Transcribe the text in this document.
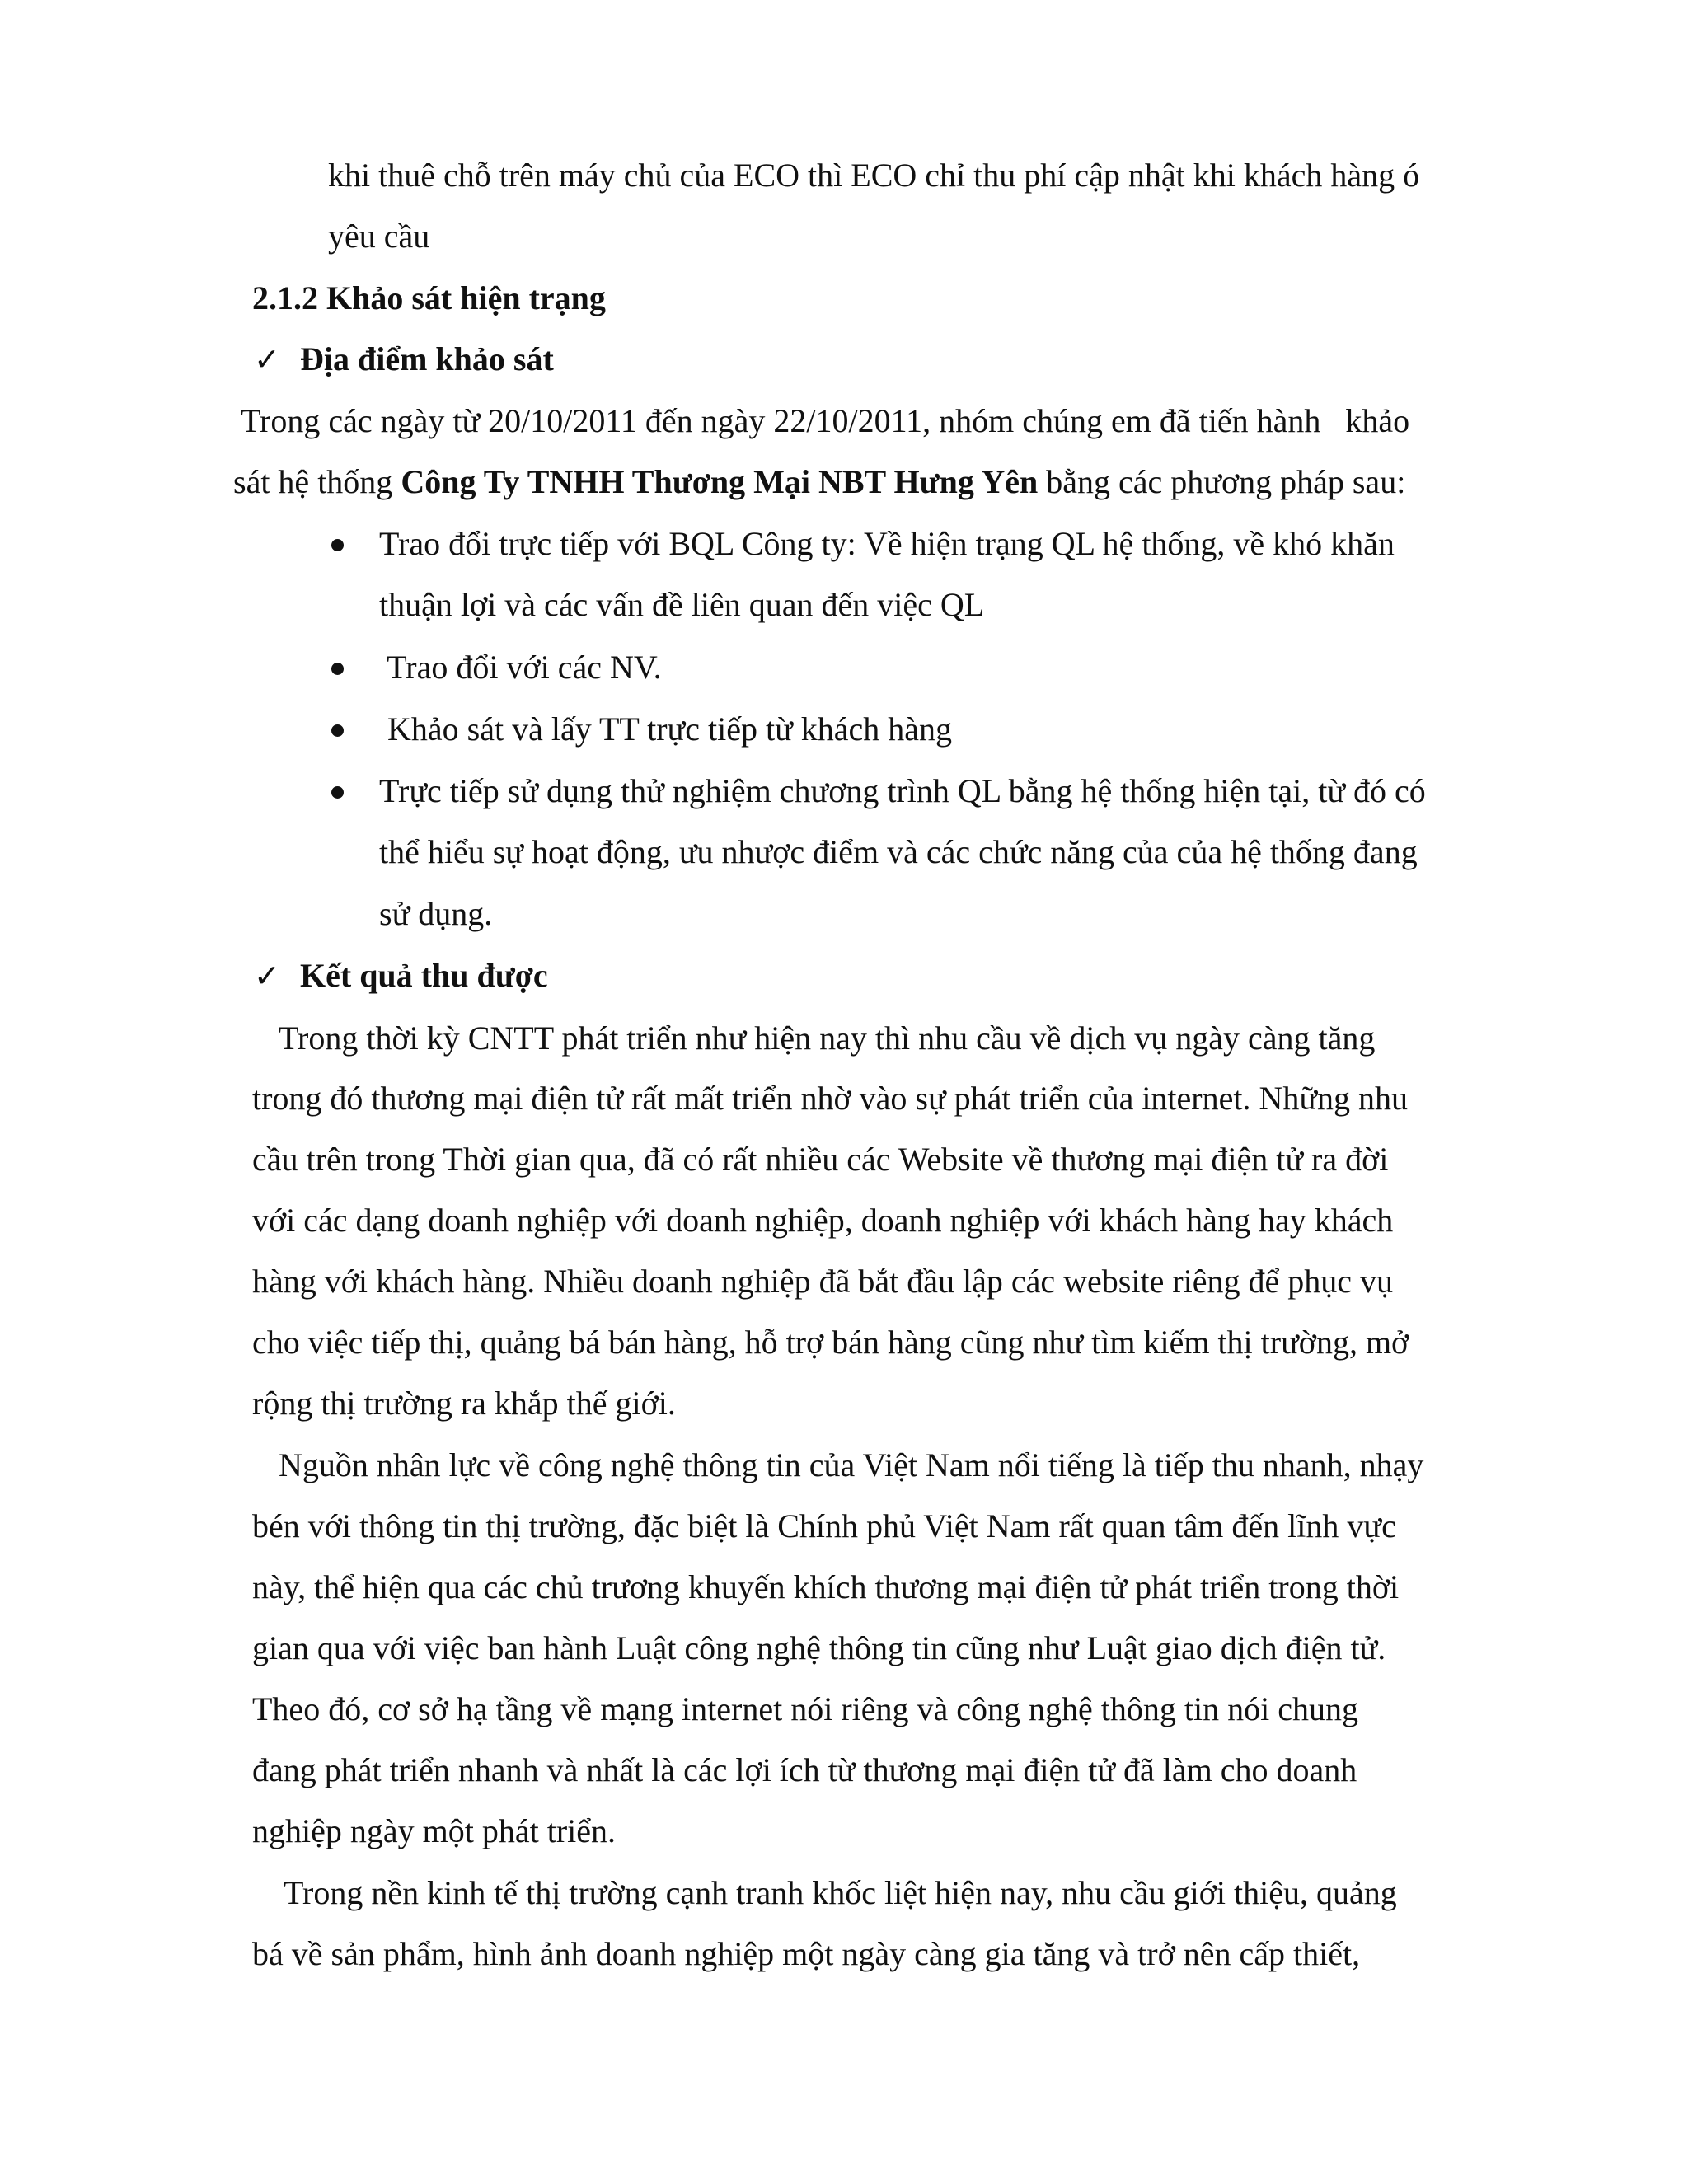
khi thuê chỗ trên máy chủ của ECO thì ECO chỉ thu phí cập nhật khi khách hàng ó
yêu cầu
2.1.2 Khảo sát hiện trạng
✓ Địa điểm khảo sát
Trong các ngày từ 20/10/2011 đến ngày 22/10/2011, nhóm chúng em đã tiến hành   khảo
sát hệ thống Công Ty TNHH Thương Mại NBT Hưng Yên bằng các phương pháp sau:
Trao đổi trực tiếp với BQL Công ty: Về hiện trạng QL hệ thống, về khó khăn
thuận lợi và các vấn đề liên quan đến việc QL
Trao đổi với các NV.
Khảo sát và lấy TT trực tiếp từ khách hàng
Trực tiếp sử dụng thử nghiệm chương trình QL bằng hệ thống hiện tại, từ đó có
thể hiểu sự hoạt động, ưu nhược điểm và các chức năng của của hệ thống đang
sử dụng.
✓ Kết quả thu được
Trong thời kỳ CNTT phát triển như hiện nay thì nhu cầu về dịch vụ ngày càng tăng
trong đó thương mại điện tử rất mất triển nhờ vào sự phát triển của internet. Những nhu
cầu trên trong Thời gian qua, đã có rất nhiều các Website về thương mại điện tử ra đời
với các dạng doanh nghiệp với doanh nghiệp, doanh nghiệp với khách hàng hay khách
hàng với khách hàng. Nhiều doanh nghiệp đã bắt đầu lập các website riêng để phục vụ
cho việc tiếp thị, quảng bá bán hàng, hỗ trợ bán hàng cũng như tìm kiếm thị trường, mở
rộng thị trường ra khắp thế giới.
Nguồn nhân lực về công nghệ thông tin của Việt Nam nổi tiếng là tiếp thu nhanh, nhạy
bén với thông tin thị trường, đặc biệt là Chính phủ Việt Nam rất quan tâm đến lĩnh vực
này, thể hiện qua các chủ trương khuyến khích thương mại điện tử phát triển trong thời
gian qua với việc ban hành Luật công nghệ thông tin cũng như Luật giao dịch điện tử.
Theo đó, cơ sở hạ tầng về mạng internet nói riêng và công nghệ thông tin nói chung
đang phát triển nhanh và nhất là các lợi ích từ thương mại điện tử đã làm cho doanh
nghiệp ngày một phát triển.
Trong nền kinh tế thị trường cạnh tranh khốc liệt hiện nay, nhu cầu giới thiệu, quảng
bá về sản phẩm, hình ảnh doanh nghiệp một ngày càng gia tăng và trở nên cấp thiết,
